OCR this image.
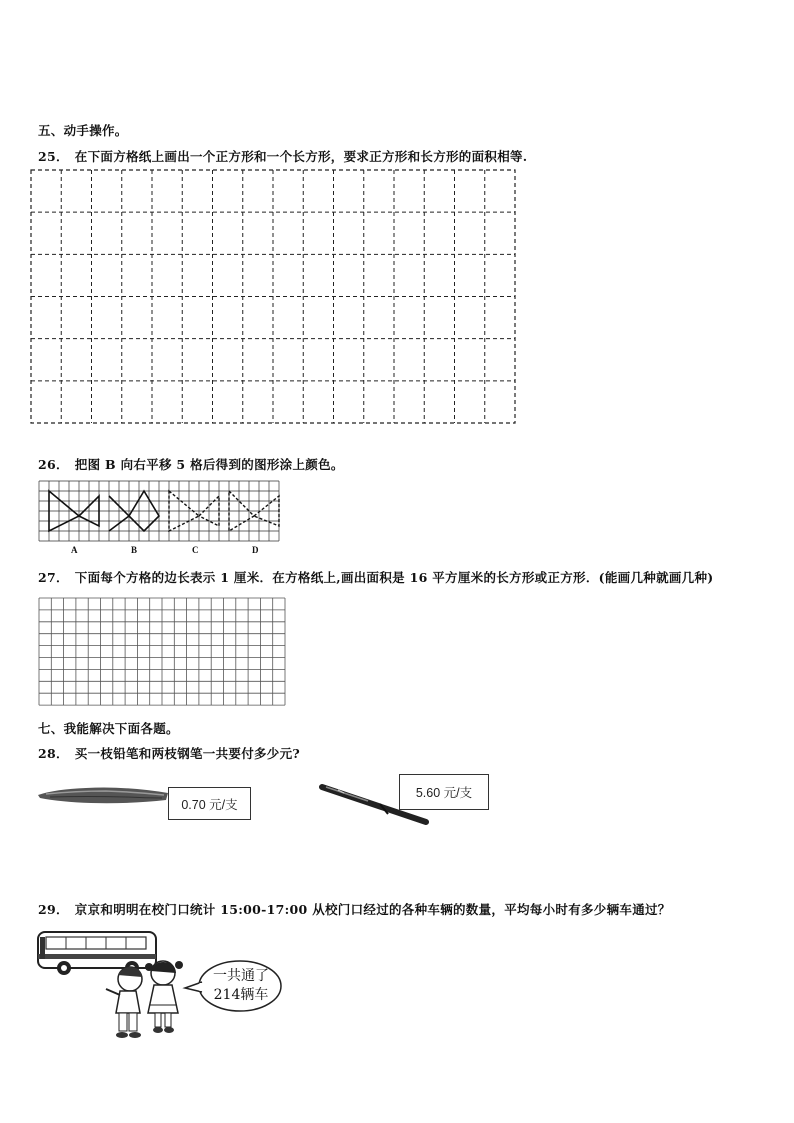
五、动手操作。
25． 在下面方格纸上画出一个正方形和一个长方形，要求正方形和长方形的面积相等.
26． 把图 B 向右平移 5 格后得到的图形涂上颜色。
A	B	C	D
27． 下面每个方格的边长表示 1 厘米．在方格纸上,画出面积是 16 平方厘米的长方形或正方形．(能画几种就画几种)
七、我能解决下面各题。
28． 买一枝铅笔和两枝钢笔一共要付多少元?
0.70 元/支
5.60 元/支
29． 京京和明明在校门口统计 15:00-17:00 从校门口经过的各种车辆的数量，平均每小时有多少辆车通过？
一共通了
214辆车
